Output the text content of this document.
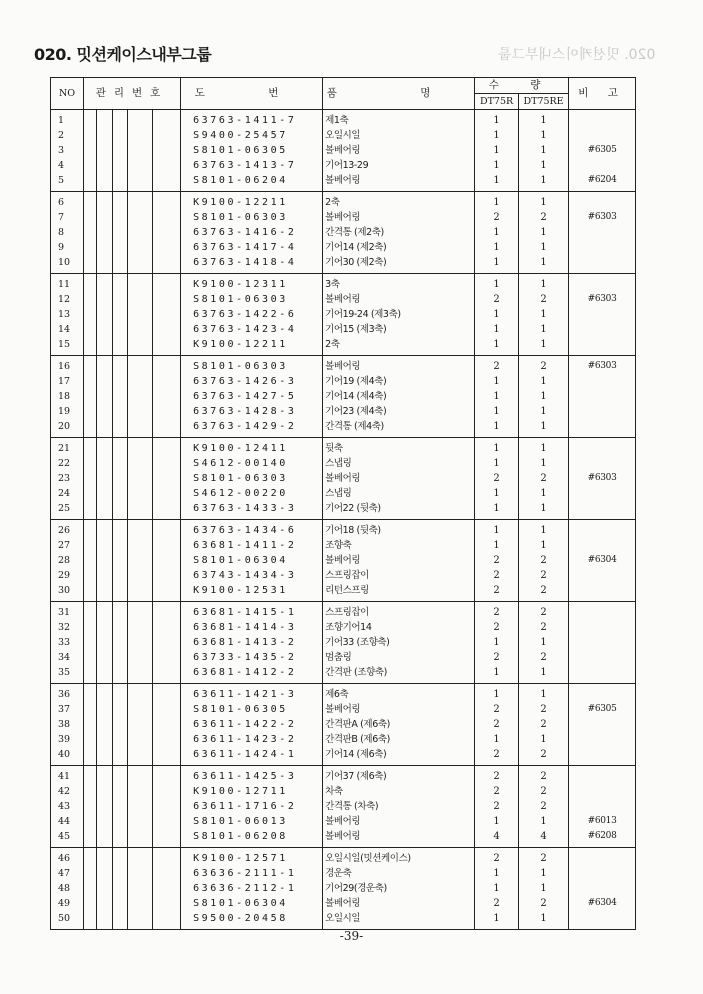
020. 밋션케이스내부그룹	020. 밋션케이스내부그룹
NO	관리번호					도 번	품 명	수 량		비 고
								DT75R	DT75RE	
1						63763-1411-7	제1축	1	1	
2						S9400-25457	오일시일	1	1	
3						S8101-06305	볼베어링	1	1	#6305
4						63763-1413-7	기어13-29	1	1	
5						S8101-06204	볼베어링	1	1	#6204
6						K9100-12211	2축	1	1	
7						S8101-06303	볼베어링	2	2	#6303
8						63763-1416-2	간격통 (제2축)	1	1	
9						63763-1417-4	기어14 (제2축)	1	1	
10						63763-1418-4	기어30 (제2축)	1	1	
11						K9100-12311	3축	1	1	
12						S8101-06303	볼베어링	2	2	#6303
13						63763-1422-6	기어19-24 (제3축)	1	1	
14						63763-1423-4	기어15 (제3축)	1	1	
15						K9100-12211	2축	1	1	
16						S8101-06303	볼베어링	2	2	#6303
17						63763-1426-3	기어19 (제4축)	1	1	
18						63763-1427-5	기어14 (제4축)	1	1	
19						63763-1428-3	기어23 (제4축)	1	1	
20						63763-1429-2	간격통 (제4축)	1	1	
21						K9100-12411	뒷축	1	1	
22						S4612-00140	스냅링	1	1	
23						S8101-06303	볼베어링	2	2	#6303
24						S4612-00220	스냅링	1	1	
25						63763-1433-3	기어22 (뒷축)	1	1	
26						63763-1434-6	기어18 (뒷축)	1	1	
27						63681-1411-2	조향축	1	1	
28						S8101-06304	볼베어링	2	2	#6304
29						63743-1434-3	스프링잡이	2	2	
30						K9100-12531	리턴스프링	2	2	
31						63681-1415-1	스프링잡이	2	2	
32						63681-1414-3	조향기어14	2	2	
33						63681-1413-2	기어33 (조향축)	1	1	
34						63733-1435-2	멈춤링	2	2	
35						63681-1412-2	간격판 (조향축)	1	1	
36						63611-1421-3	제6축	1	1	
37						S8101-06305	볼베어링	2	2	#6305
38						63611-1422-2	간격판A (제6축)	2	2	
39						63611-1423-2	간격판B (제6축)	1	1	
40						63611-1424-1	기어14 (제6축)	2	2	
41						63611-1425-3	기어37 (제6축)	2	2	
42						K9100-12711	차축	2	2	
43						63611-1716-2	간격통 (차축)	2	2	
44						S8101-06013	볼베어링	1	1	#6013
45						S8101-06208	볼베어링	4	4	#6208
46						K9100-12571	오일시일(밋션케이스)	2	2	
47						63636-2111-1	경운축	1	1	
48						63636-2112-1	기어29(경운축)	1	1	
49						S8101-06304	볼베어링	2	2	#6304
50						S9500-20458	오일시일	1	1	
-39-
